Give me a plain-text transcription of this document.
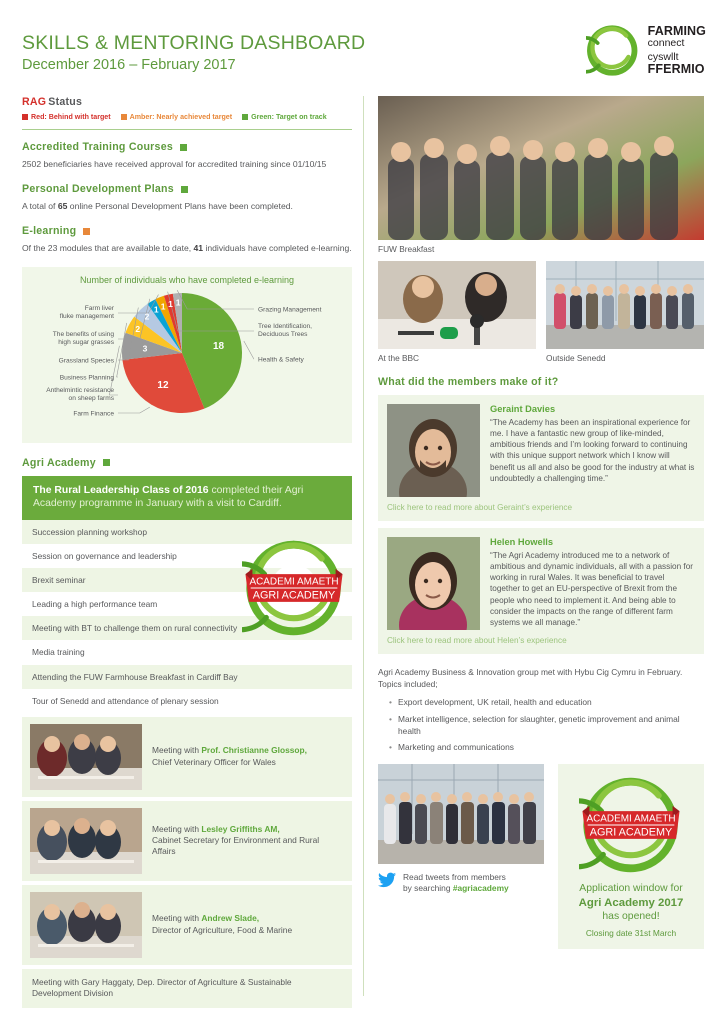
SKILLS & MENTORING DASHBOARD
December 2016 – February 2017
FARMING
connect
cyswllt
FFERMIO
RAG Status
Red: Behind with target	Amber: Nearly achieved target	Green: Target on track
Accredited Training Courses
2502 beneficiaries have received approval for accredited training since 01/10/15
Personal Development Plans
A total of 65 online Personal Development Plans have been completed.
E-learning
Of the 23 modules that are available to date, 41 individuals have completed e-learning.
Number of individuals who have completed e-learning
Health & Safety
Farm Finance
Anthelmintic resistance
on sheep farms
Business Planning
Grassland Species
The benefits of using
high sugar grasses
Farm liver
fluke management
Tree Identification,
Deciduous Trees
Grazing Management
18
12
3
2
2
1 1 1 1
Agri Academy
The Rural Leadership Class of 2016 completed their Agri Academy programme in January with a visit to Cardiff.
ACADEMI AMAETH
AGRI ACADEMY
Succession planning workshop
Session on governance and leadership
Brexit seminar
Leading a high performance team
Meeting with BT to challenge them on rural connectivity
Media training
Attending the FUW Farmhouse Breakfast in Cardiff Bay
Tour of Senedd and attendance of plenary session
Meeting with Prof. Christianne Glossop,
Chief Veterinary Officer for Wales
Meeting with Lesley Griffiths AM,
Cabinet Secretary for Environment and Rural Affairs
Meeting with Andrew Slade,
Director of Agriculture, Food & Marine
Meeting with Gary Haggaty, Dep. Director of Agriculture & Sustainable Development Division
FUW Breakfast
At the BBC	Outside Senedd
What did the members make of it?
Geraint Davies
“The Academy has been an inspirational experience for me. I have a fantastic new group of like-minded, ambitious friends and I’m looking forward to continuing with this unique support network which I know will benefit us all and also be good for the industry at what is undoubtedly a challenging time.”
Click here to read more about Geraint’s experience
Helen Howells
“The Agri Academy introduced me to a network of ambitious and dynamic individuals, all with a passion for working in rural Wales. It was beneficial to travel together to get an EU-perspective of Brexit from the people who need to implement it. And being able to consider the impacts on the range of different farm systems we all manage.”
Click here to read more about Helen’s experience
Agri Academy Business & Innovation group met with Hybu Cig Cymru in February. Topics included;
• Export development, UK retail, health and education
• Market intelligence, selection for slaughter, genetic improvement and animal health
• Marketing and communications
Read tweets from members
by searching #agriacademy
ACADEMI AMAETH
AGRI ACADEMY
Application window for
Agri Academy 2017
has opened!
Closing date 31st March
